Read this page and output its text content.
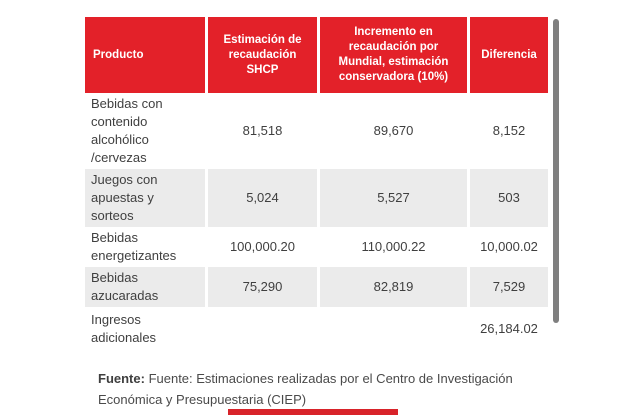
Producto	Estimación de recaudación SHCP	Incremento en recaudación por Mundial, estimación conservadora (10%)	Diferencia
Bebidas con contenido alcohólico /cervezas	81,518	89,670	8,152
Juegos con apuestas y sorteos	5,024	5,527	503
Bebidas energetizantes	100,000.20	110,000.22	10,000.02
Bebidas azucaradas	75,290	82,819	7,529
Ingresos adicionales			26,184.02
Fuente: Fuente: Estimaciones realizadas por el Centro de Investigación Económica y Presupuestaria (CIEP)
